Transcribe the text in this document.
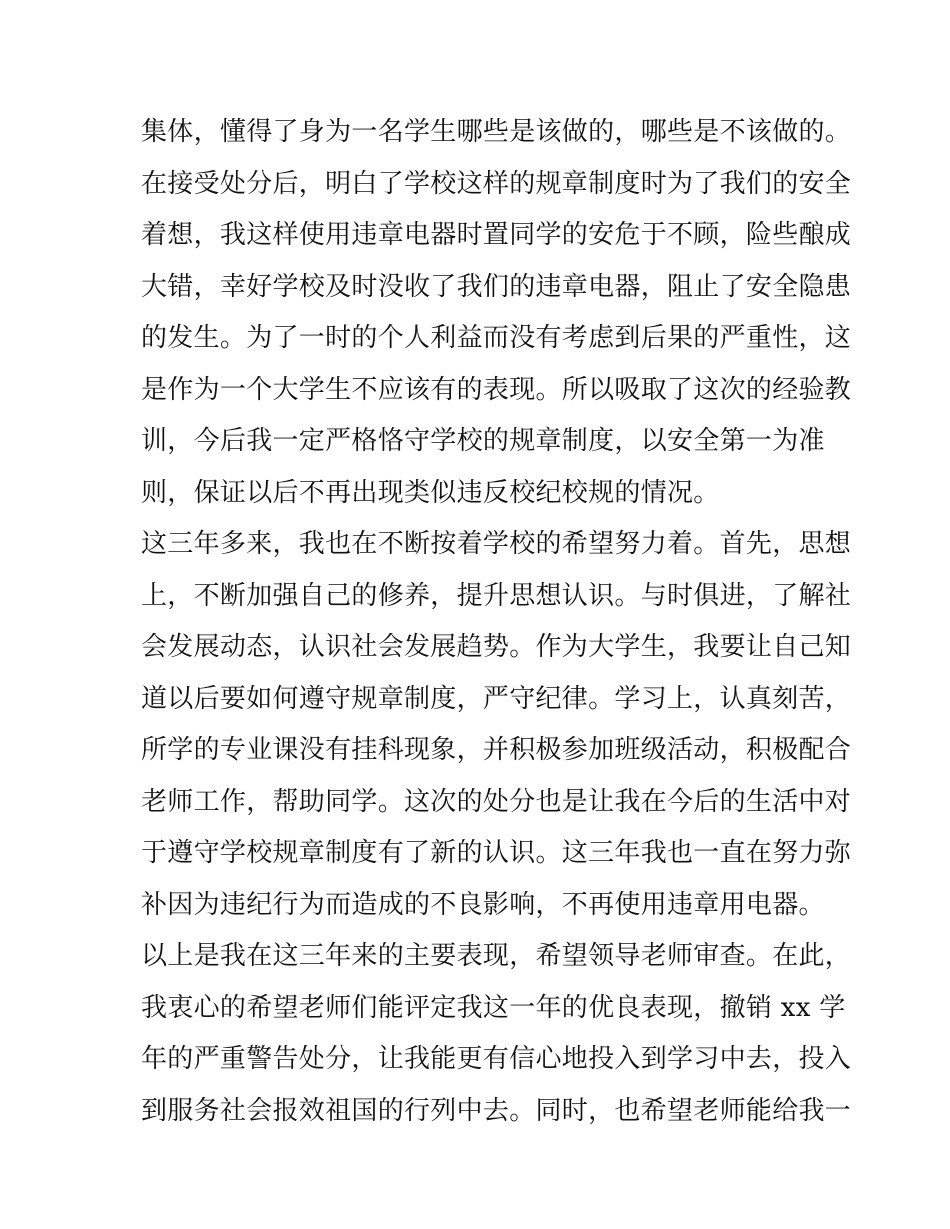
集体，懂得了身为一名学生哪些是该做的，哪些是不该做的。
在接受处分后，明白了学校这样的规章制度时为了我们的安全
着想，我这样使用违章电器时置同学的安危于不顾，险些酿成
大错，幸好学校及时没收了我们的违章电器，阻止了安全隐患
的发生。为了一时的个人利益而没有考虑到后果的严重性，这
是作为一个大学生不应该有的表现。所以吸取了这次的经验教
训，今后我一定严格恪守学校的规章制度，以安全第一为准
则，保证以后不再出现类似违反校纪校规的情况。
这三年多来，我也在不断按着学校的希望努力着。首先，思想
上，不断加强自己的修养，提升思想认识。与时俱进，了解社
会发展动态，认识社会发展趋势。作为大学生，我要让自己知
道以后要如何遵守规章制度，严守纪律。学习上，认真刻苦，
所学的专业课没有挂科现象，并积极参加班级活动，积极配合
老师工作，帮助同学。这次的处分也是让我在今后的生活中对
于遵守学校规章制度有了新的认识。这三年我也一直在努力弥
补因为违纪行为而造成的不良影响，不再使用违章用电器。
以上是我在这三年来的主要表现，希望领导老师审查。在此，
我衷心的希望老师们能评定我这一年的优良表现，撤销 xx 学
年的严重警告处分，让我能更有信心地投入到学习中去，投入
到服务社会报效祖国的行列中去。同时，也希望老师能给我一
